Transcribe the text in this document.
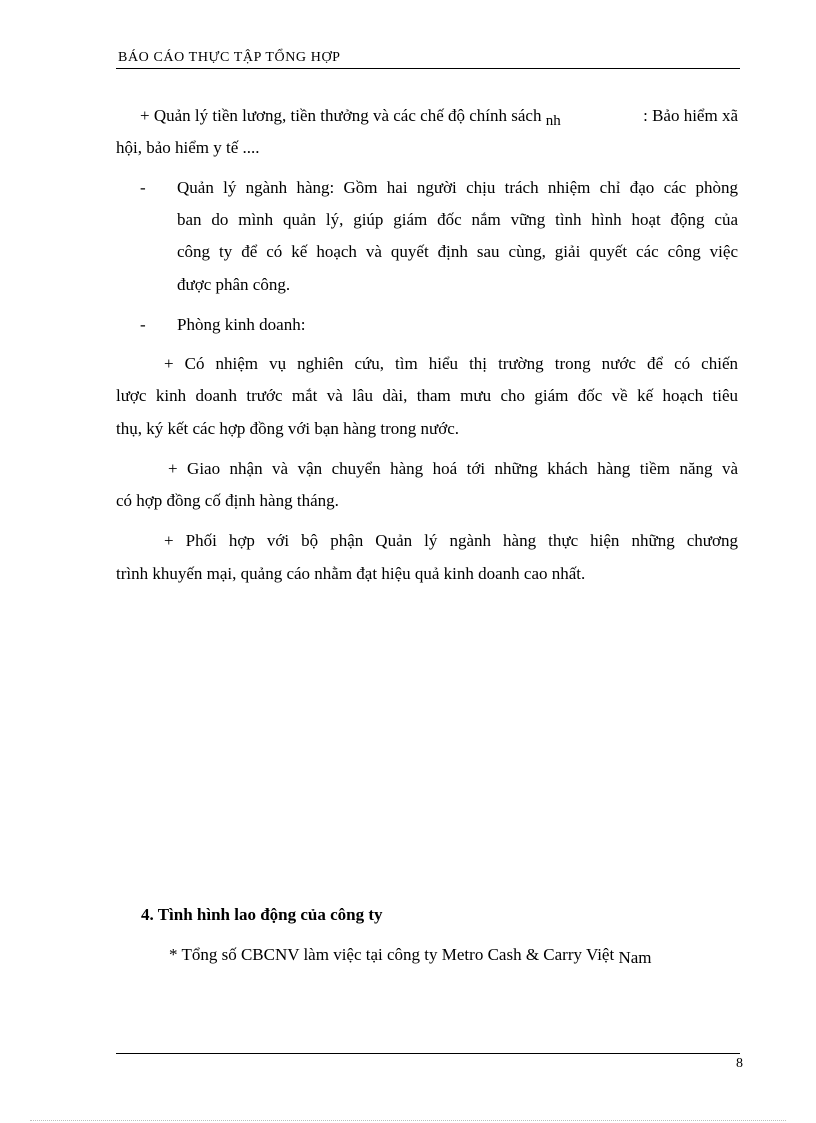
BÁO CÁO THỰC TẬP TỔNG HỢP
+ Quản lý tiền lương, tiền thưởng và các chế độ chính sách nh	: Bảo hiểm xã
hội, bảo hiểm y tế ....
- Quản lý ngành hàng: Gồm hai người chịu trách nhiệm chỉ đạo các phòng
ban do mình quản lý, giúp giám đốc nắm vững tình hình hoạt động của
công ty để có kế hoạch và quyết định sau cùng, giải quyết các công việc
được phân công.
- Phòng kinh doanh:
+ Có nhiệm vụ nghiên cứu, tìm hiểu thị trường trong nước để có chiến
lược kinh doanh trước mắt và lâu dài, tham mưu cho giám đốc về kế hoạch tiêu
thụ, ký kết các hợp đồng với bạn hàng trong nước.
+ Giao nhận và vận chuyển hàng hoá tới những khách hàng tiềm năng và
có hợp đồng cố định hàng tháng.
+ Phối hợp với bộ phận Quản lý ngành hàng thực hiện những chương
trình khuyến mại, quảng cáo nhằm đạt hiệu quả kinh doanh cao nhất.
4. Tình hình lao động của công ty
* Tổng số CBCNV làm việc tại công ty Metro Cash & Carry Việt Nam
8
